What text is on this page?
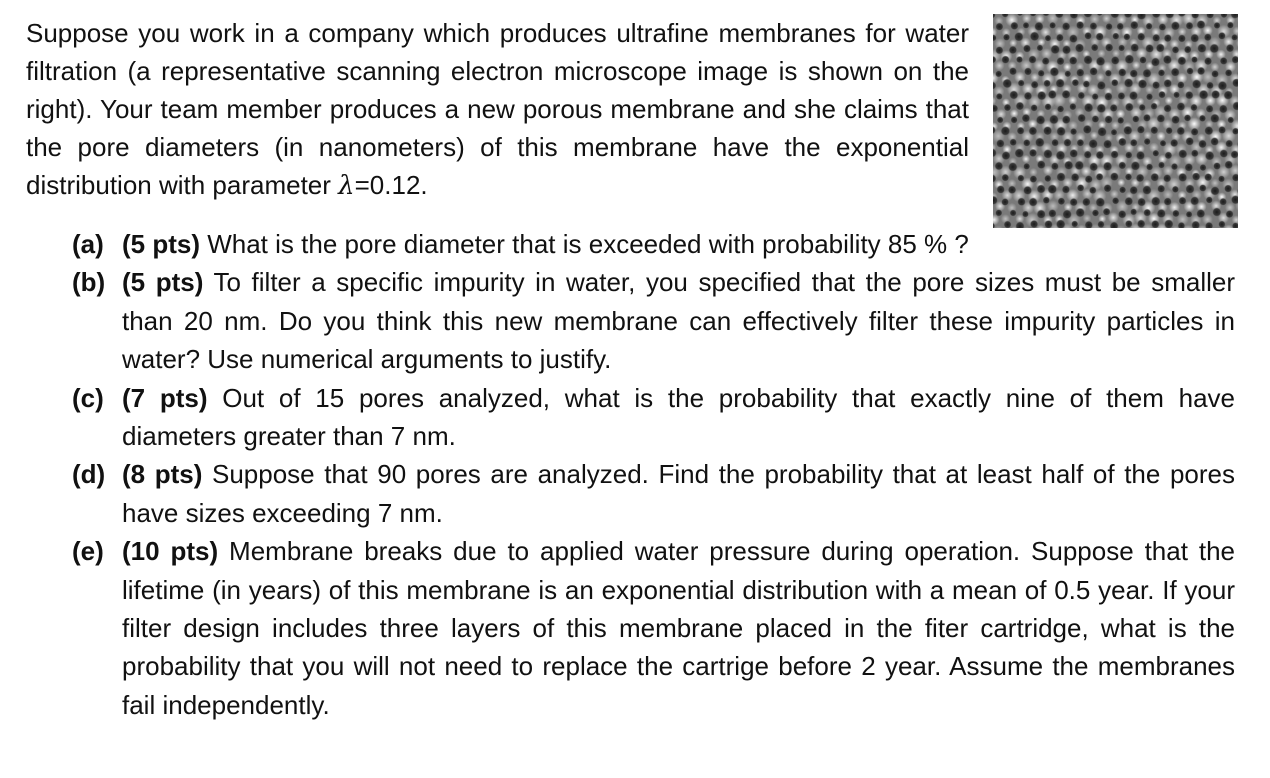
Suppose you work in a company which produces ultrafine membranes for water filtration (a representative scanning electron microscope image is shown on the right). Your team member produces a new porous membrane and she claims that the pore diameters (in nanometers) of this membrane have the exponential distribution with parameter λ=0.12.

(a) (5 pts) What is the pore diameter that is exceeded with probability 85 % ?
(b) (5 pts) To filter a specific impurity in water, you specified that the pore sizes must be smaller than 20 nm. Do you think this new membrane can effectively filter these impurity particles in water? Use numerical arguments to justify.
(c) (7 pts) Out of 15 pores analyzed, what is the probability that exactly nine of them have diameters greater than 7 nm.
(d) (8 pts) Suppose that 90 pores are analyzed. Find the probability that at least half of the pores have sizes exceeding 7 nm.
(e) (10 pts) Membrane breaks due to applied water pressure during operation. Suppose that the lifetime (in years) of this membrane is an exponential distribution with a mean of 0.5 year. If your filter design includes three layers of this membrane placed in the fiter cartridge, what is the probability that you will not need to replace the cartrige before 2 year. Assume the membranes fail independently.
